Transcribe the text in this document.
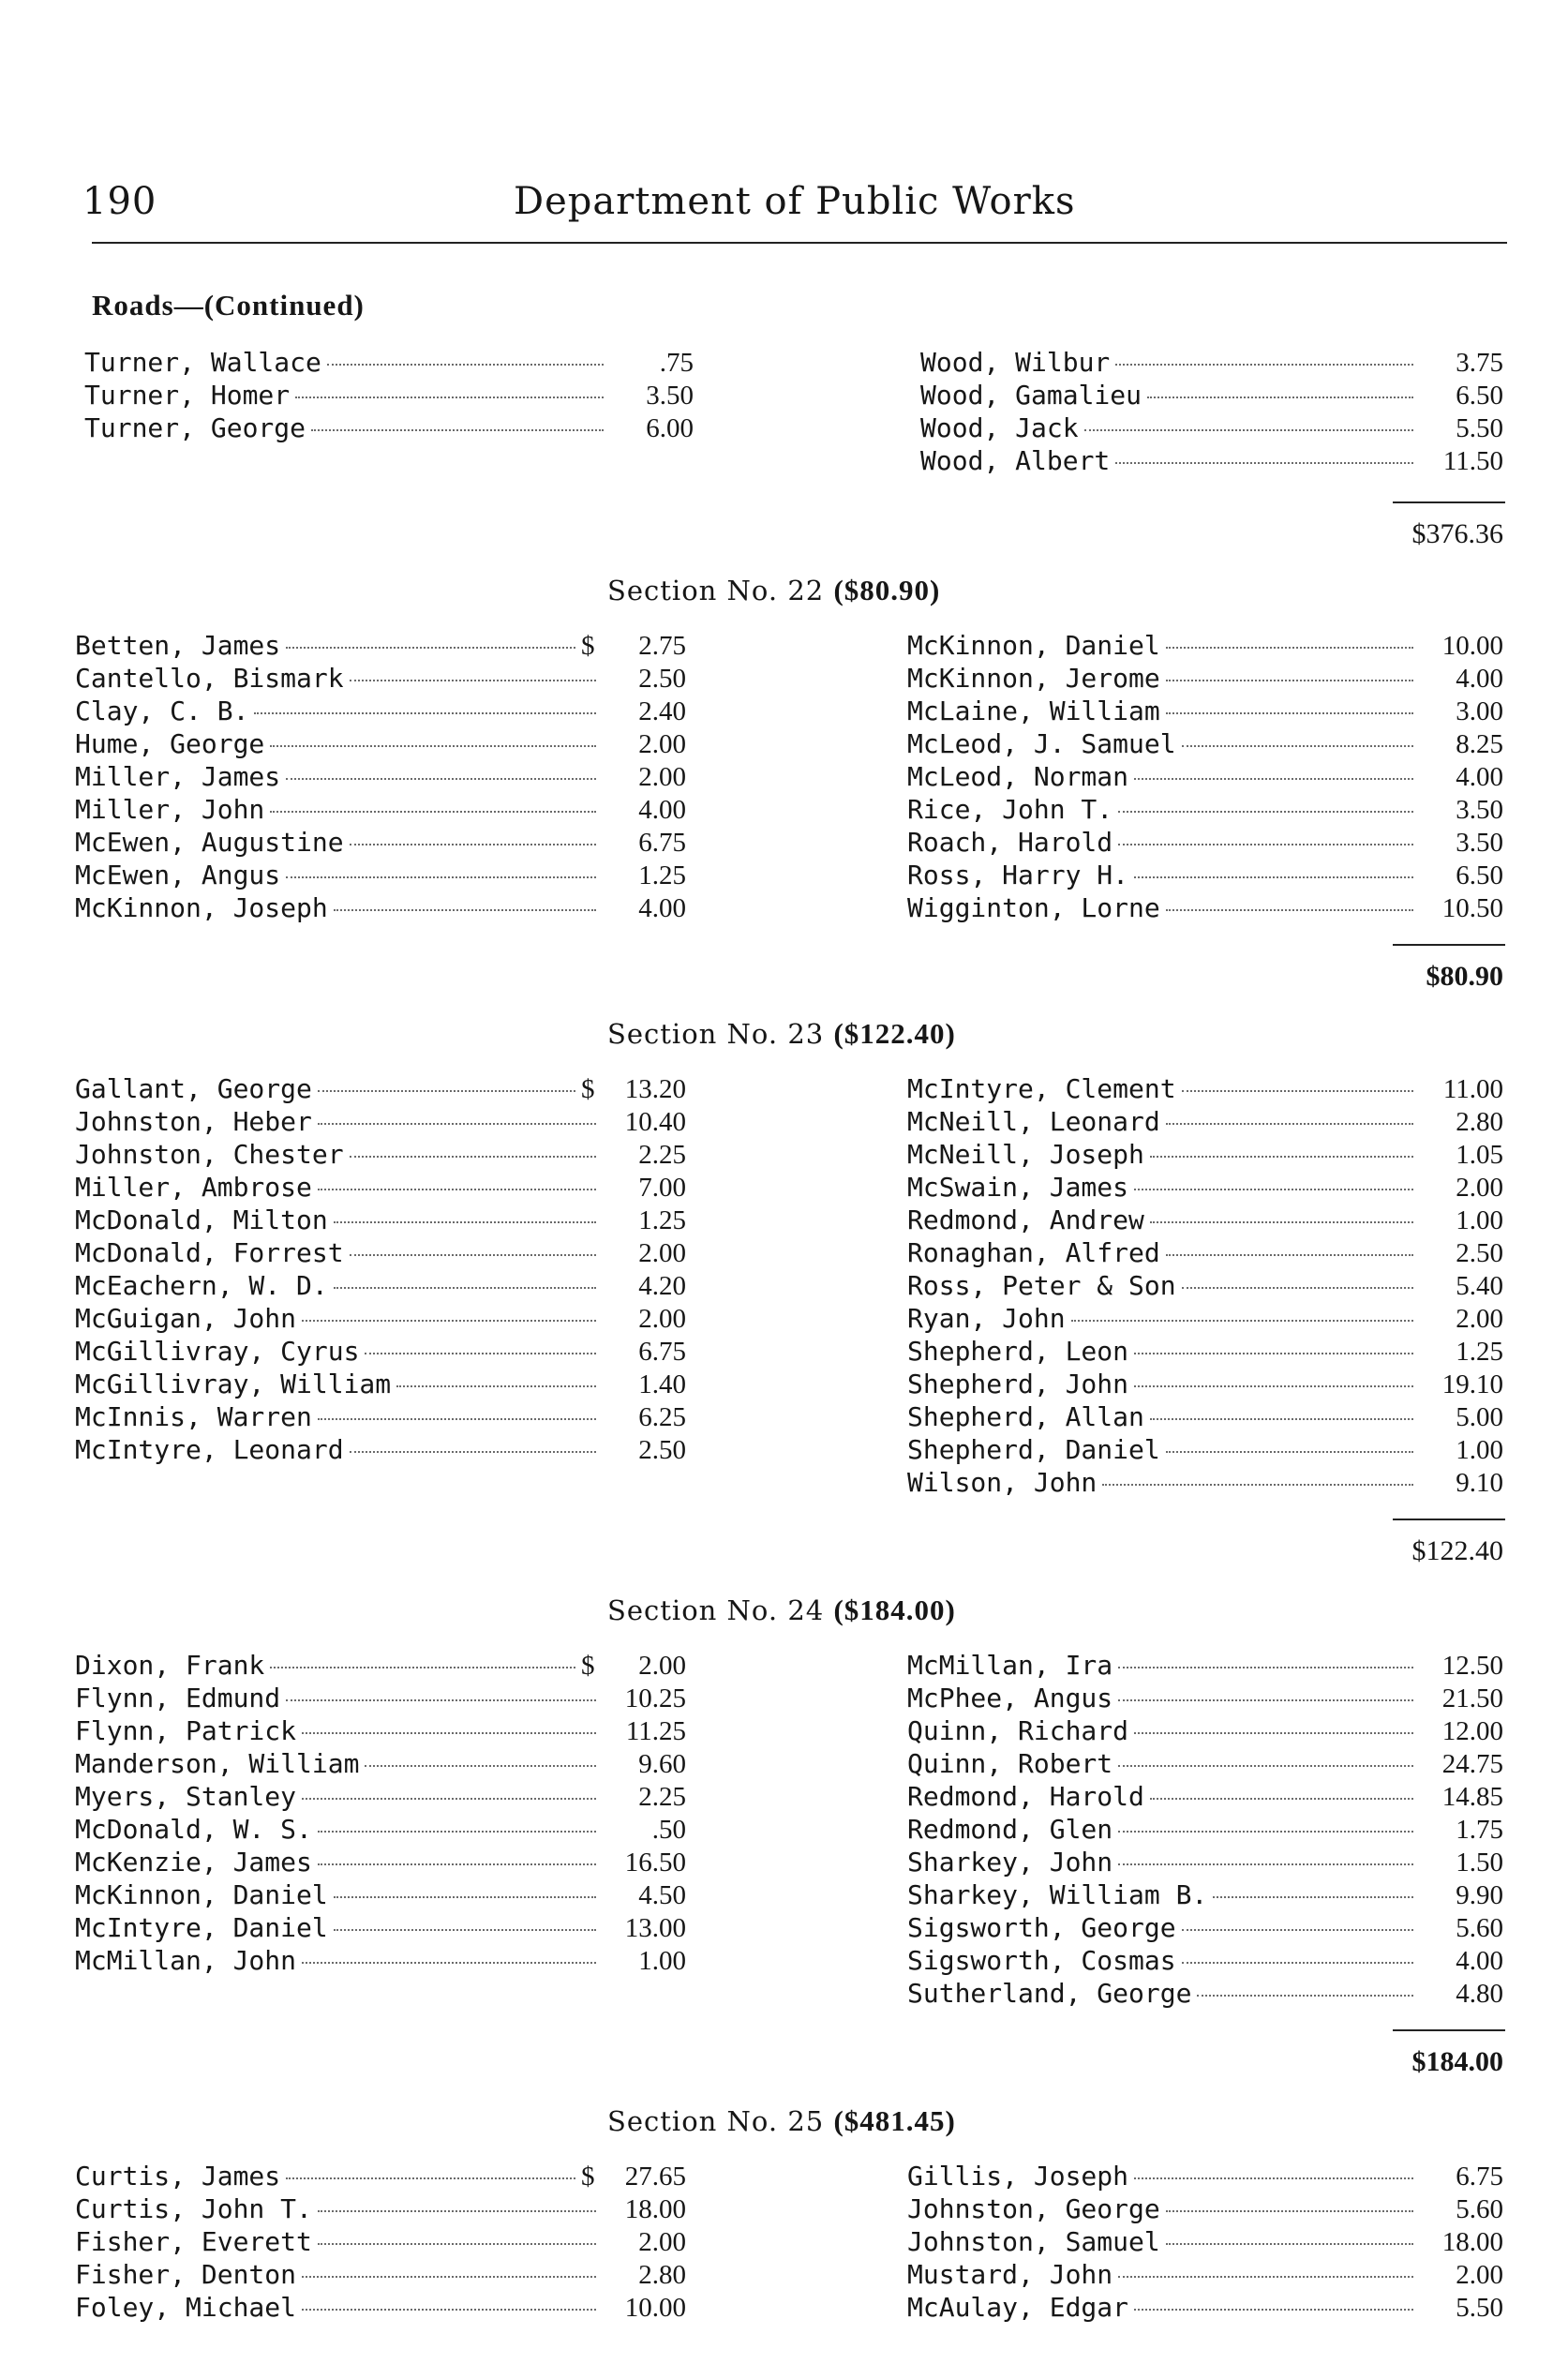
190	Department of Public Works
Roads—(Continued)
Turner, Wallace	.75
Turner, Homer	3.50
Turner, George	6.00
Wood, Wilbur	3.75
Wood, Gamalieu	6.50
Wood, Jack	5.50
Wood, Albert	11.50
$376.36
Section No. 22 ($80.90)
Betten, James	$	2.75
Cantello, Bismark	2.50
Clay, C. B.	2.40
Hume, George	2.00
Miller, James	2.00
Miller, John	4.00
McEwen, Augustine	6.75
McEwen, Angus	1.25
McKinnon, Joseph	4.00
McKinnon, Daniel	10.00
McKinnon, Jerome	4.00
McLaine, William	3.00
McLeod, J. Samuel	8.25
McLeod, Norman	4.00
Rice, John T.	3.50
Roach, Harold	3.50
Ross, Harry H.	6.50
Wigginton, Lorne	10.50
$80.90
Section No. 23 ($122.40)
Gallant, George	$	13.20
Johnston, Heber	10.40
Johnston, Chester	2.25
Miller, Ambrose	7.00
McDonald, Milton	1.25
McDonald, Forrest	2.00
McEachern, W. D.	4.20
McGuigan, John	2.00
McGillivray, Cyrus	6.75
McGillivray, William	1.40
McInnis, Warren	6.25
McIntyre, Leonard	2.50
McIntyre, Clement	11.00
McNeill, Leonard	2.80
McNeill, Joseph	1.05
McSwain, James	2.00
Redmond, Andrew	1.00
Ronaghan, Alfred	2.50
Ross, Peter & Son	5.40
Ryan, John	2.00
Shepherd, Leon	1.25
Shepherd, John	19.10
Shepherd, Allan	5.00
Shepherd, Daniel	1.00
Wilson, John	9.10
$122.40
Section No. 24 ($184.00)
Dixon, Frank	$	2.00
Flynn, Edmund	10.25
Flynn, Patrick	11.25
Manderson, William	9.60
Myers, Stanley	2.25
McDonald, W. S.	.50
McKenzie, James	16.50
McKinnon, Daniel	4.50
McIntyre, Daniel	13.00
McMillan, John	1.00
McMillan, Ira	12.50
McPhee, Angus	21.50
Quinn, Richard	12.00
Quinn, Robert	24.75
Redmond, Harold	14.85
Redmond, Glen	1.75
Sharkey, John	1.50
Sharkey, William B.	9.90
Sigsworth, George	5.60
Sigsworth, Cosmas	4.00
Sutherland, George	4.80
$184.00
Section No. 25 ($481.45)
Curtis, James	$	27.65
Curtis, John T.	18.00
Fisher, Everett	2.00
Fisher, Denton	2.80
Foley, Michael	10.00
Gillis, Joseph	6.75
Johnston, George	5.60
Johnston, Samuel	18.00
Mustard, John	2.00
McAulay, Edgar	5.50
